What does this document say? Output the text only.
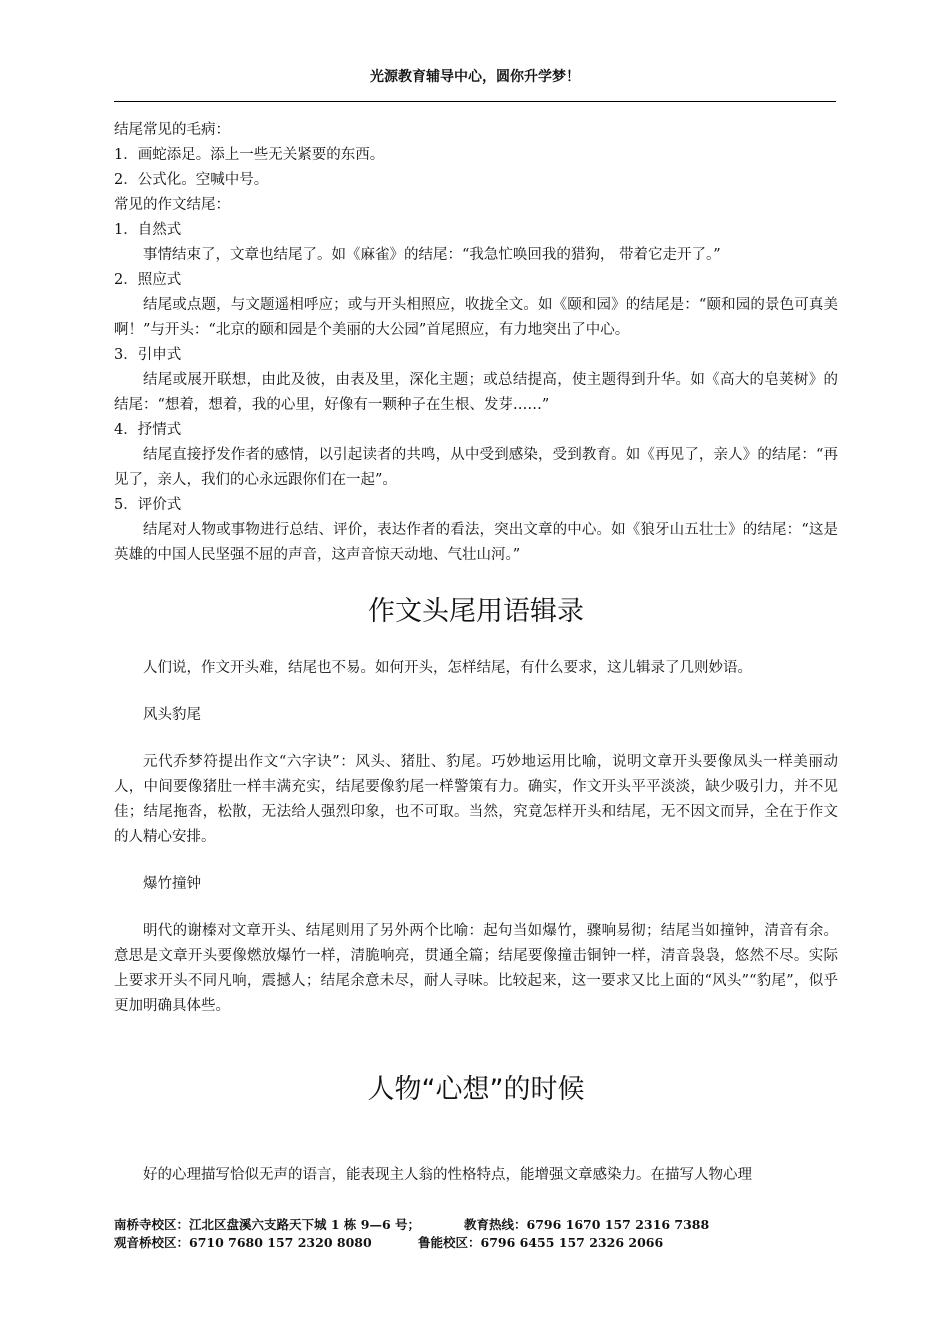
光源教育辅导中心，圆你升学梦！
结尾常见的毛病：
1．画蛇添足。添上一些无关紧要的东西。
2．公式化。空喊中号。
常见的作文结尾：
1．自然式
事情结束了，文章也结尾了。如《麻雀》的结尾：“我急忙唤回我的猎狗， 带着它走开了。”
2．照应式
结尾或点题，与文题遥相呼应；或与开头相照应，收拢全文。如《颐和园》的结尾是：“颐和园的景色可真美啊！”与开头：“北京的颐和园是个美丽的大公园”首尾照应，有力地突出了中心。
3．引申式
结尾或展开联想，由此及彼，由表及里，深化主题；或总结提高，使主题得到升华。如《高大的皂荚树》的结尾：“想着，想着，我的心里，好像有一颗种子在生根、发芽……”
4．抒情式
结尾直接抒发作者的感情，以引起读者的共鸣，从中受到感染，受到教育。如《再见了，亲人》的结尾：“再见了，亲人，我们的心永远跟你们在一起”。
5．评价式
结尾对人物或事物进行总结、评价，表达作者的看法，突出文章的中心。如《狼牙山五壮士》的结尾：“这是英雄的中国人民坚强不屈的声音，这声音惊天动地、气壮山河。”
作文头尾用语辑录
人们说，作文开头难，结尾也不易。如何开头，怎样结尾，有什么要求，这儿辑录了几则妙语。
风头豹尾
元代乔梦符提出作文“六字诀”：风头、猪肚、豹尾。巧妙地运用比喻，说明文章开头要像凤头一样美丽动人，中间要像猪肚一样丰满充实，结尾要像豹尾一样警策有力。确实，作文开头平平淡淡，缺少吸引力，并不见佳；结尾拖沓，松散，无法给人强烈印象，也不可取。当然，究竟怎样开头和结尾，无不因文而异，全在于作文的人精心安排。
爆竹撞钟
明代的谢榛对文章开头、结尾则用了另外两个比喻：起句当如爆竹，骤响易彻；结尾当如撞钟，清音有余。意思是文章开头要像燃放爆竹一样，清脆响亮，贯通全篇；结尾要像撞击铜钟一样，清音袅袅，悠然不尽。实际上要求开头不同凡响，震撼人；结尾余意未尽，耐人寻味。比较起来，这一要求又比上面的“风头”“豹尾”，似乎更加明确具体些。
人物“心想”的时候
好的心理描写恰似无声的语言，能表现主人翁的性格特点，能增强文章感染力。在描写人物心理
南桥寺校区：江北区盘溪六支路天下城 1 栋 9—6 号；	教育热线：6796 1670 157 2316 7388
观音桥校区：6710 7680 157 2320 8080	鲁能校区：6796 6455 157 2326 2066
